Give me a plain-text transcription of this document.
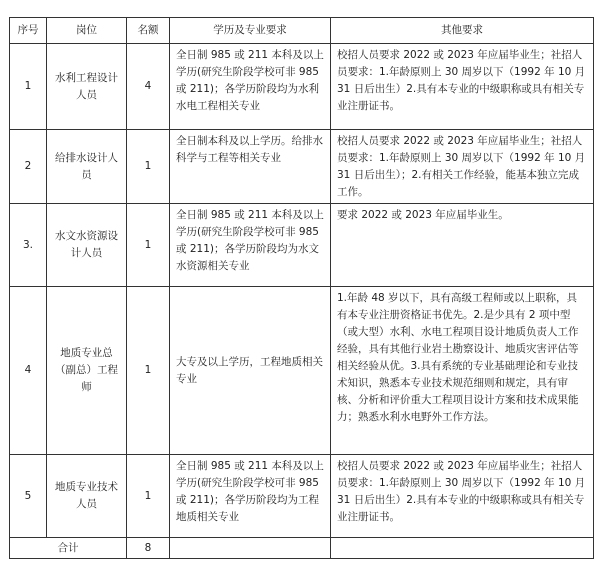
序号	岗位	名额	学历及专业要求	其他要求
1	水利工程设计人员	4	全日制 985 或 211 本科及以上学历(研究生阶段学校可非 985 或 211)；各学历阶段均为水利水电工程相关专业	校招人员要求 2022 或 2023 年应届毕业生；社招人员要求：1.年龄原则上 30 周岁以下（1992 年 10 月 31 日后出生）2.具有本专业的中级职称或具有相关专业注册证书。
2	给排水设计人员	1	全日制本科及以上学历。给排水科学与工程等相关专业	校招人员要求 2022 或 2023 年应届毕业生；社招人员要求：1.年龄原则上 30 周岁以下（1992 年 10 月 31 日后出生）；2.有相关工作经验，能基本独立完成工作。
3.	水文水资源设计人员	1	全日制 985 或 211 本科及以上学历(研究生阶段学校可非 985 或 211)；各学历阶段均为水文水资源相关专业	要求 2022 或 2023 年应届毕业生。
4	地质专业总（副总）工程师	1	大专及以上学历，工程地质相关专业	1.年龄 48 岁以下，具有高级工程师或以上职称，具有本专业注册资格证书优先。2.是少具有 2 项中型（或大型）水利、水电工程项目设计地质负责人工作经验，具有其他行业岩土勘察设计、地质灾害评估等相关经验从优。3.具有系统的专业基础理论和专业技术知识，熟悉本专业技术规范细则和规定，具有审核、分析和评价重大工程项目设计方案和技术成果能力；熟悉水利水电野外工作方法。
5	地质专业技术人员	1	全日制 985 或 211 本科及以上学历(研究生阶段学校可非 985 或 211)；各学历阶段均为工程地质相关专业	校招人员要求 2022 或 2023 年应届毕业生；社招人员要求：1.年龄原则上 30 周岁以下（1992 年 10 月 31 日后出生）2.具有本专业的中级职称或具有相关专业注册证书。
合计		8		
